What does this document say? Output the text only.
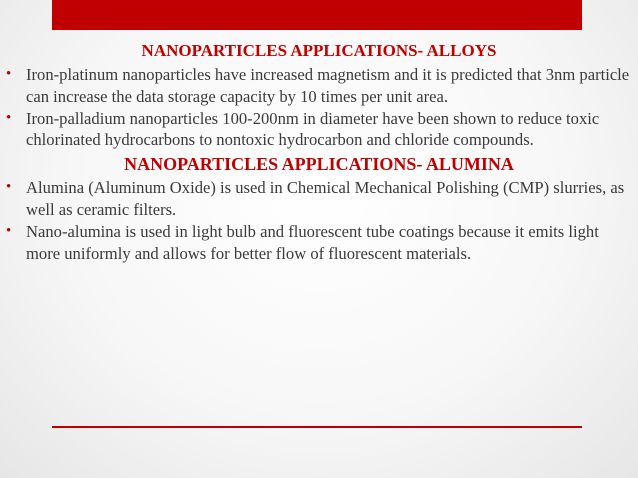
NANOPARTICLES APPLICATIONS- ALLOYS
• Iron-platinum nanoparticles have increased magnetism and it is predicted that 3nm particle can increase the data storage capacity by 10 times per unit area.
• Iron-palladium nanoparticles 100-200nm in diameter have been shown to reduce toxic chlorinated hydrocarbons to nontoxic hydrocarbon and chloride compounds.
NANOPARTICLES APPLICATIONS- ALUMINA
• Alumina (Aluminum Oxide) is used in Chemical Mechanical Polishing (CMP) slurries, as well as ceramic filters.
• Nano-alumina is used in light bulb and fluorescent tube coatings because it emits light more uniformly and allows for better flow of fluorescent materials.
